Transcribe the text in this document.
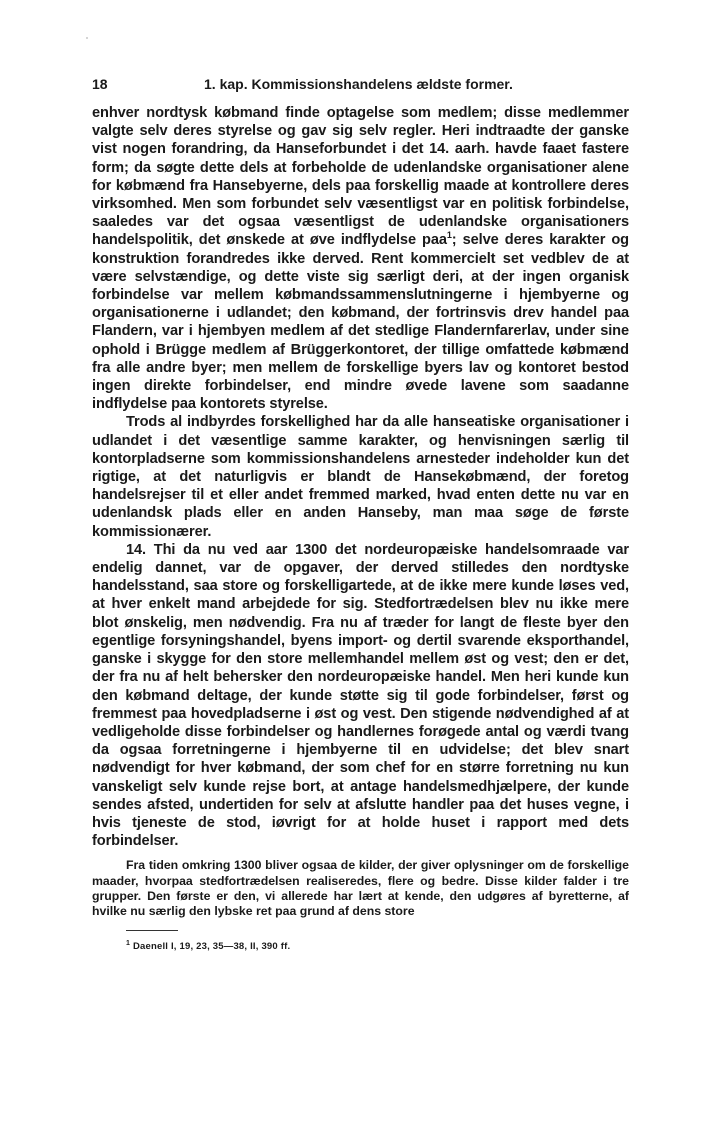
18	1. kap. Kommissionshandelens ældste former.

enhver nordtysk købmand finde optagelse som medlem; disse medlemmer valgte selv deres styrelse og gav sig selv regler. Heri indtraadte der ganske vist nogen forandring, da Hanseforbundet i det 14. aarh. havde faaet fastere form; da søgte dette dels at forbeholde de udenlandske organisationer alene for købmænd fra Hansebyerne, dels paa forskellig maade at kontrollere deres virksomhed. Men som forbundet selv væsentligst var en politisk forbindelse, saaledes var det ogsaa væsentligst de udenlandske organisationers handelspolitik, det ønskede at øve indflydelse paa$^1$; selve deres karakter og konstruktion forandredes ikke derved. Rent kommercielt set vedblev de at være selvstændige, og dette viste sig særligt deri, at der ingen organisk forbindelse var mellem købmandssammenslutningerne i hjembyerne og organisationerne i udlandet; den købmand, der fortrinsvis drev handel paa Flandern, var i hjembyen medlem af det stedlige Flandernfarerlav, under sine ophold i Brügge medlem af Brüggerkontoret, der tillige omfattede købmænd fra alle andre byer; men mellem de forskellige byers lav og kontoret bestod ingen direkte forbindelser, end mindre øvede lavene som saadanne indflydelse paa kontorets styrelse.

Trods al indbyrdes forskellighed har da alle hanseatiske organisationer i udlandet i det væsentlige samme karakter, og henvisningen særlig til kontorpladserne som kommissionshandelens arnesteder indeholder kun det rigtige, at det naturligvis er blandt de Hansekøbmænd, der foretog handelsrejser til et eller andet fremmed marked, hvad enten dette nu var en udenlandsk plads eller en anden Hanseby, man maa søge de første kommissionærer.

14. Thi da nu ved aar 1300 det nordeuropæiske handelsomraade var endelig dannet, var de opgaver, der derved stilledes den nordtyske handelsstand, saa store og forskelligartede, at de ikke mere kunde løses ved, at hver enkelt mand arbejdede for sig. Stedfortrædelsen blev nu ikke mere blot ønskelig, men nødvendig. Fra nu af træder for langt de fleste byer den egentlige forsyningshandel, byens import- og dertil svarende eksporthandel, ganske i skygge for den store mellemhandel mellem øst og vest; den er det, der fra nu af helt behersker den nordeuropæiske handel. Men heri kunde kun den købmand deltage, der kunde støtte sig til gode forbindelser, først og fremmest paa hovedpladserne i øst og vest. Den stigende nødvendighed af at vedligeholde disse forbindelser og handlernes forøgede antal og værdi tvang da ogsaa forretningerne i hjembyerne til en udvidelse; det blev snart nødvendigt for hver købmand, der som chef for en større forretning nu kun vanskeligt selv kunde rejse bort, at antage handelsmedhjælpere, der kunde sendes afsted, undertiden for selv at afslutte handler paa det huses vegne, i hvis tjeneste de stod, iøvrigt for at holde huset i rapport med dets forbindelser.

Fra tiden omkring 1300 bliver ogsaa de kilder, der giver oplysninger om de forskellige maader, hvorpaa stedfortrædelsen realiseredes, flere og bedre. Disse kilder falder i tre grupper. Den første er den, vi allerede har lært at kende, den udgøres af byretterne, af hvilke nu særlig den lybske ret paa grund af dens store
$^1$ Daenell I, 19, 23, 35—38, II, 390 ff.
